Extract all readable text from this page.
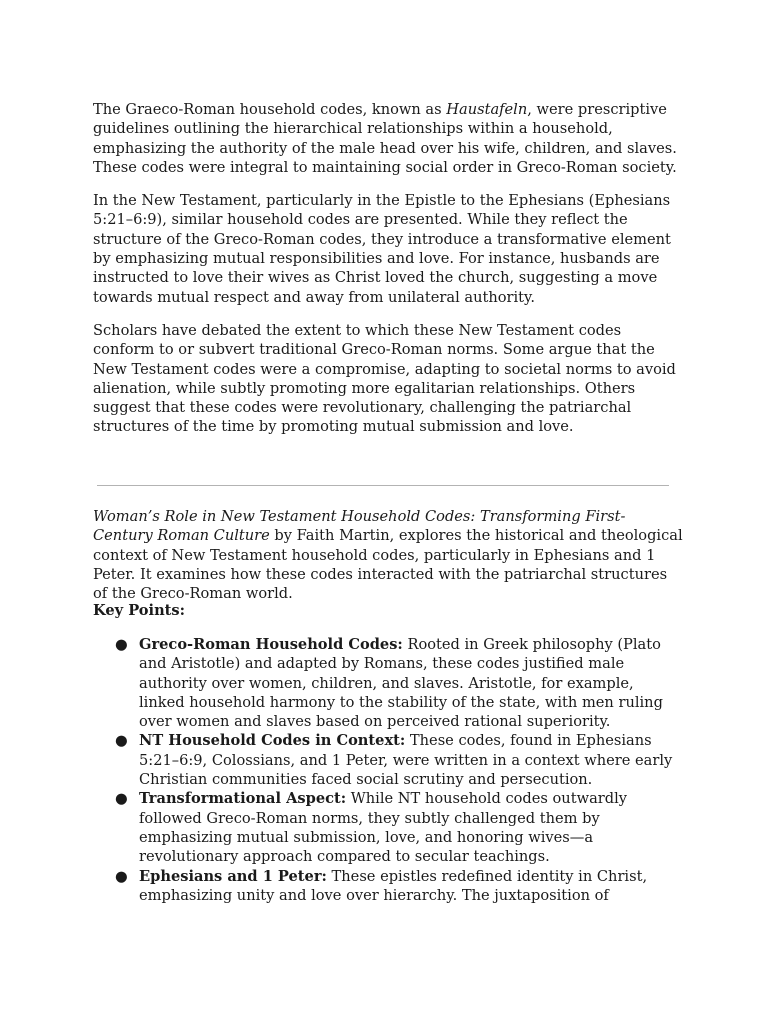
The Graeco-Roman household codes, known as Haustafeln, were prescriptive guidelines outlining the hierarchical relationships within a household, emphasizing the authority of the male head over his wife, children, and slaves. These codes were integral to maintaining social order in Greco-Roman society.

In the New Testament, particularly in the Epistle to the Ephesians (Ephesians 5:21–6:9), similar household codes are presented. While they reflect the structure of the Greco-Roman codes, they introduce a transformative element by emphasizing mutual responsibilities and love. For instance, husbands are instructed to love their wives as Christ loved the church, suggesting a move towards mutual respect and away from unilateral authority.

Scholars have debated the extent to which these New Testament codes conform to or subvert traditional Greco-Roman norms. Some argue that the New Testament codes were a compromise, adapting to societal norms to avoid alienation, while subtly promoting more egalitarian relationships. Others suggest that these codes were revolutionary, challenging the patriarchal structures of the time by promoting mutual submission and love.

Woman’s Role in New Testament Household Codes: Transforming First-Century Roman Culture by Faith Martin, explores the historical and theological context of New Testament household codes, particularly in Ephesians and 1 Peter. It examines how these codes interacted with the patriarchal structures of the Greco-Roman world.

Key Points:

● Greco-Roman Household Codes: Rooted in Greek philosophy (Plato and Aristotle) and adapted by Romans, these codes justified male authority over women, children, and slaves. Aristotle, for example, linked household harmony to the stability of the state, with men ruling over women and slaves based on perceived rational superiority.
● NT Household Codes in Context: These codes, found in Ephesians 5:21–6:9, Colossians, and 1 Peter, were written in a context where early Christian communities faced social scrutiny and persecution.
● Transformational Aspect: While NT household codes outwardly followed Greco-Roman norms, they subtly challenged them by emphasizing mutual submission, love, and honoring wives—a revolutionary approach compared to secular teachings.
● Ephesians and 1 Peter: These epistles redefined identity in Christ, emphasizing unity and love over hierarchy. The juxtaposition of
